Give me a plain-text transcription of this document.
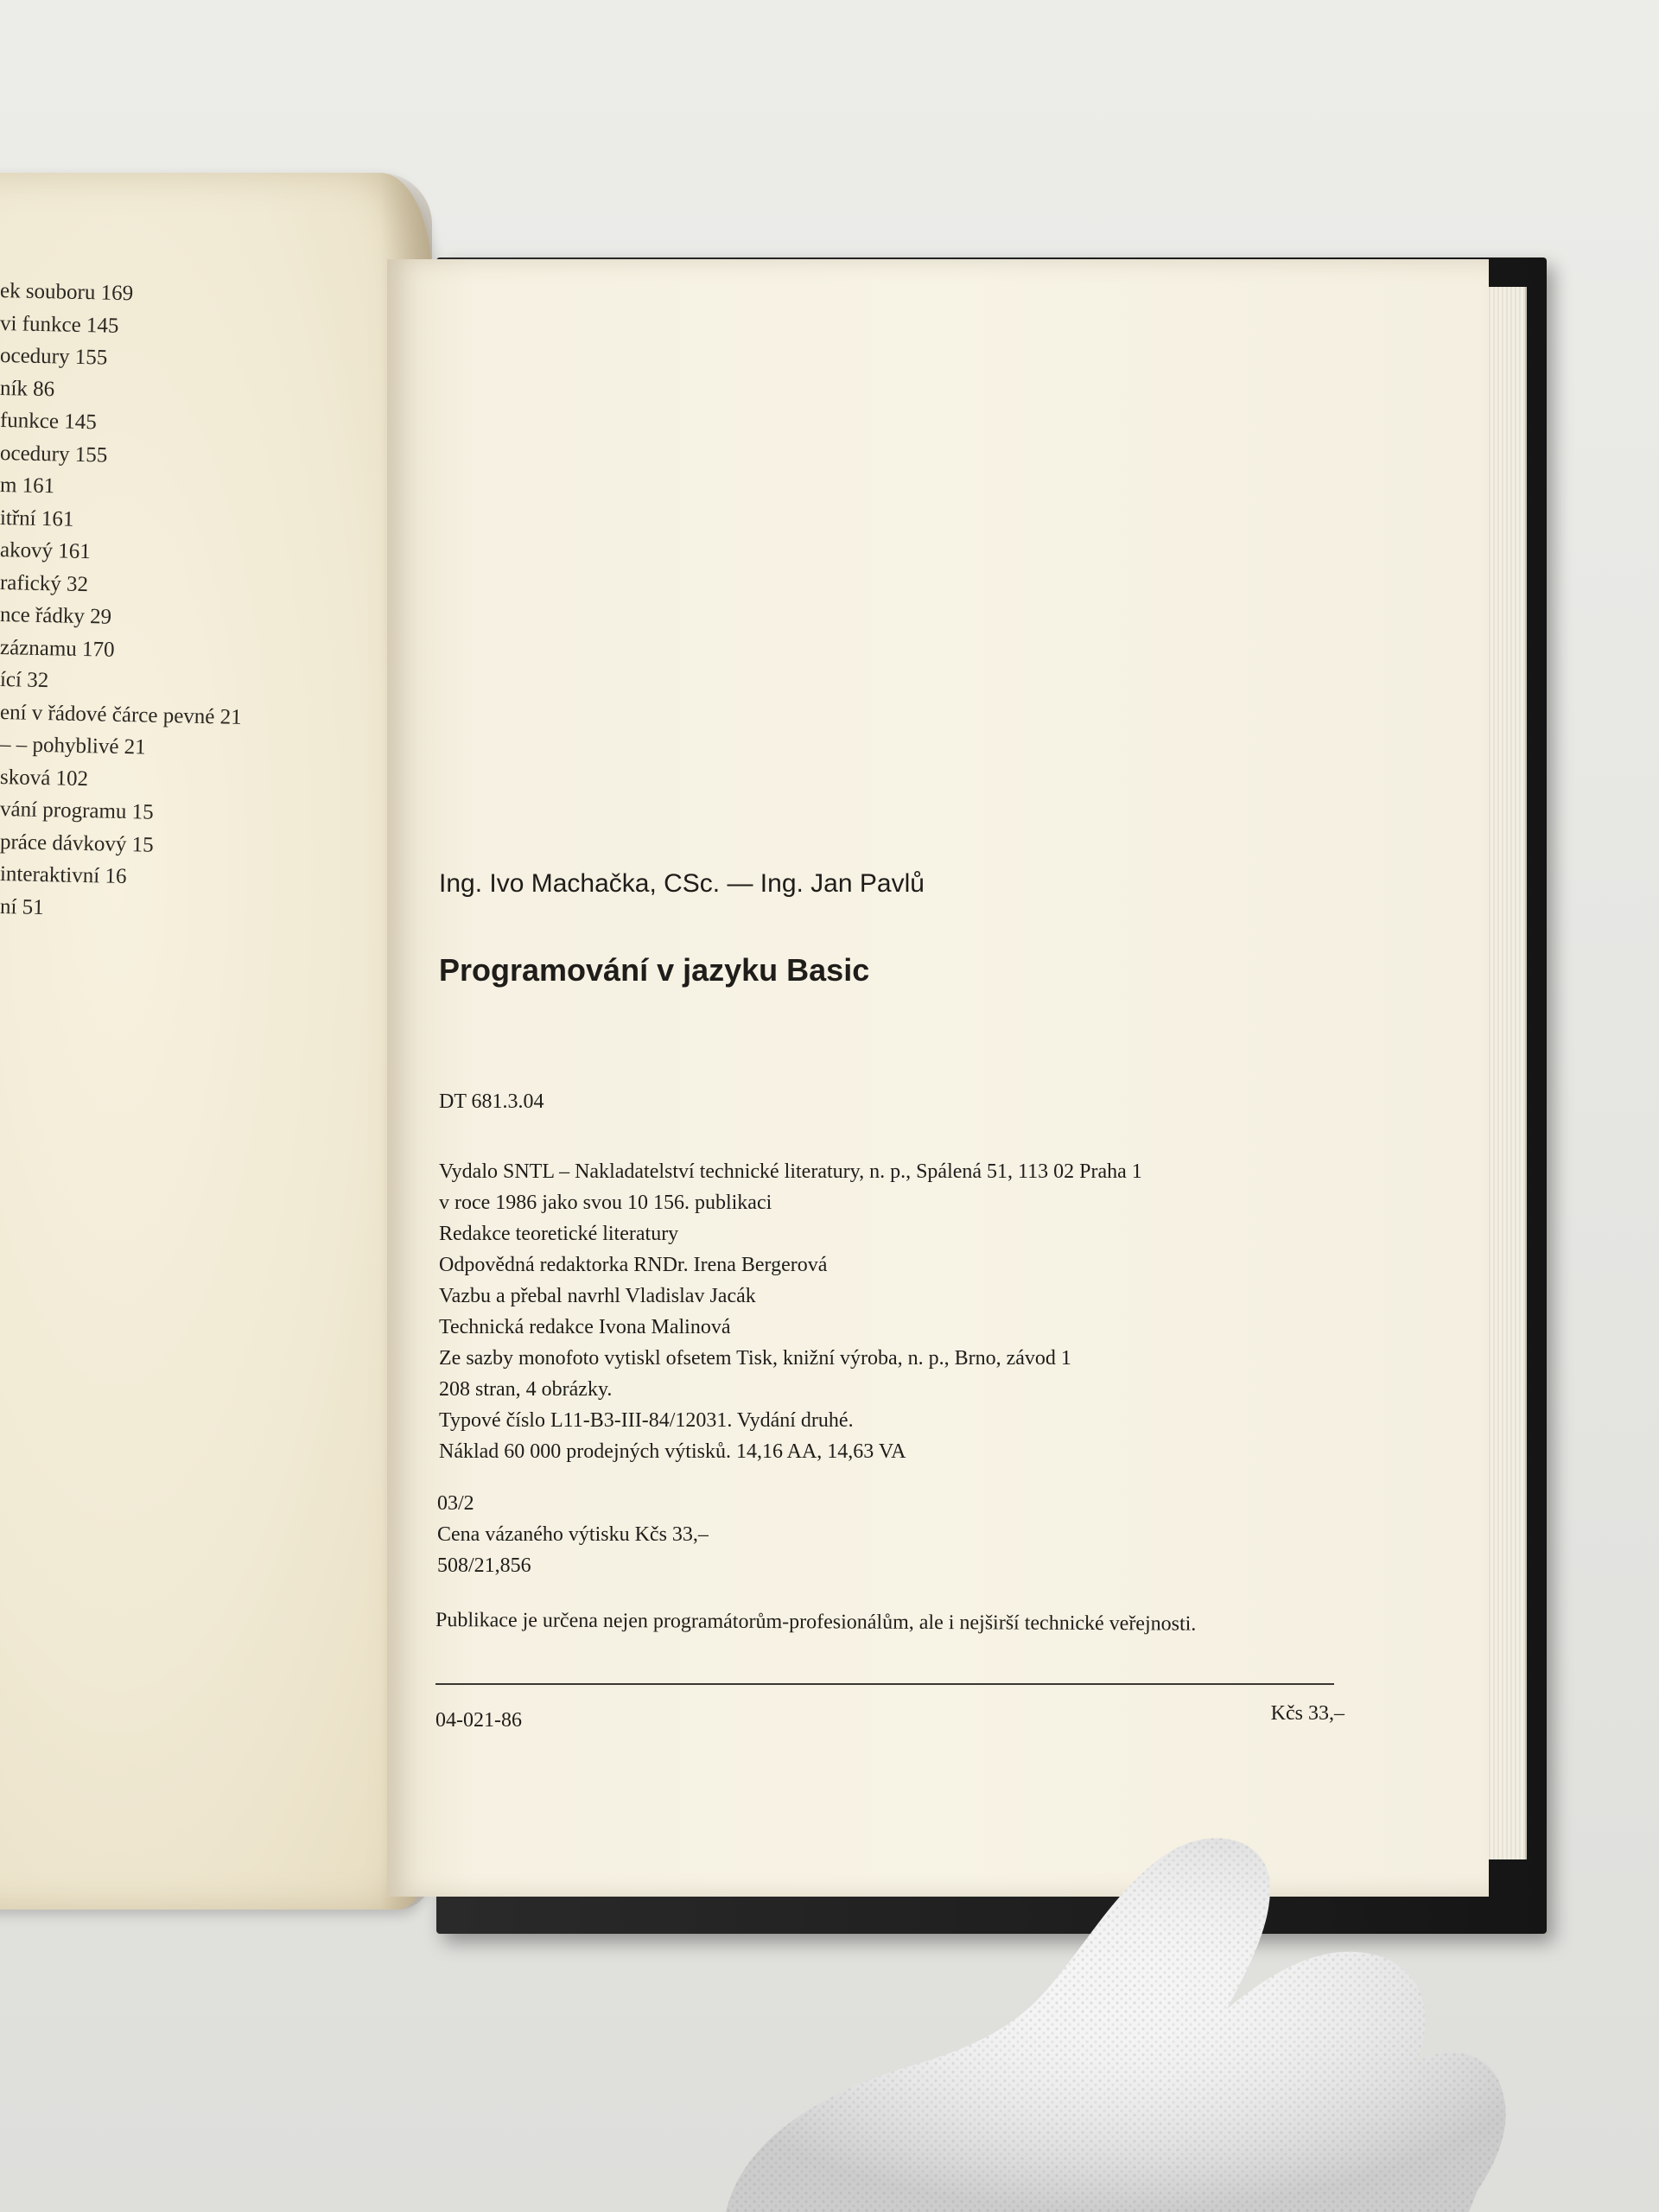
ek souboru 169
vi funkce 145
ocedury 155
ník 86
funkce 145
ocedury 155
m 161
itřní 161
akový 161
rafický 32
nce řádky 29
záznamu 170
ící 32
ení v řádové čárce pevné 21
– – pohyblivé 21
sková 102
vání programu 15
práce dávkový 15
interaktivní 16
ní 51
Ing. Ivo Machačka, CSc. — Ing. Jan Pavlů
Programování v jazyku Basic
DT 681.3.04
Vydalo SNTL – Nakladatelství technické literatury, n. p., Spálená 51, 113 02 Praha 1
v roce 1986 jako svou 10 156. publikaci
Redakce teoretické literatury
Odpovědná redaktorka RNDr. Irena Bergerová
Vazbu a přebal navrhl Vladislav Jacák
Technická redakce Ivona Malinová
Ze sazby monofoto vytiskl ofsetem Tisk, knižní výroba, n. p., Brno, závod 1
208 stran, 4 obrázky.
Typové číslo L11-B3-III-84/12031. Vydání druhé.
Náklad 60 000 prodejných výtisků. 14,16 AA, 14,63 VA
03/2
Cena vázaného výtisku Kčs 33,–
508/21,856
Publikace je určena nejen programátorům-profesionálům, ale i nejširší technické veřejnosti.
04-021-86	Kčs 33,–
